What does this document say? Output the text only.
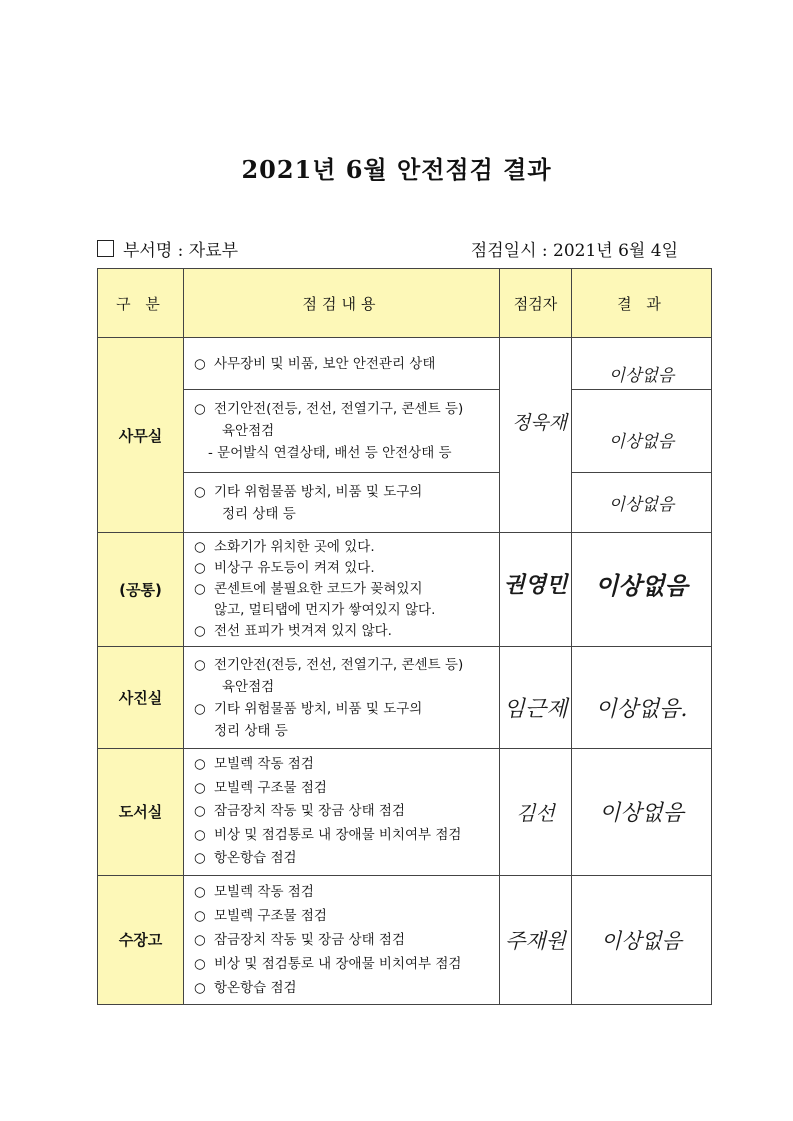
2021년 6월 안전점검 결과
부서명 : 자료부	점검일시 : 2021년 6월 4일
구 분	점검내용	점검자	결 과
사무실	○ 사무장비 및 비품, 보안 안전관리 상태	정욱재	이상없음

	○ 전기안전(전등, 전선, 전열기구, 콘센트 등)
육안점검
- 문어발식 연결상태, 배선 등 안전상태 등		이상없음

	○ 기타 위험물품 방치, 비품 및 도구의
정리 상태 등		이상없음
(공통)	○ 소화기가 위치한 곳에 있다.
○ 비상구 유도등이 켜져 있다.
○ 콘센트에 불필요한 코드가 꽂혀있지
않고, 멀티탭에 먼지가 쌓여있지 않다.
○ 전선 표피가 벗겨져 있지 않다.	권영민	이상없음
사진실	○ 전기안전(전등, 전선, 전열기구, 콘센트 등)
육안점검
○ 기타 위험물품 방치, 비품 및 도구의
정리 상태 등	임근제	이상없음.
도서실	○ 모빌렉 작동 점검
○ 모빌렉 구조물 점검
○ 잠금장치 작동 및 장금 상태 점검
○ 비상 및 점검통로 내 장애물 비치여부 점검
○ 항온항습 점검	김선	이상없음
수장고	○ 모빌렉 작동 점검
○ 모빌렉 구조물 점검
○ 잠금장치 작동 및 장금 상태 점검
○ 비상 및 점검통로 내 장애물 비치여부 점검
○ 항온항습 점검	주재원	이상없음
